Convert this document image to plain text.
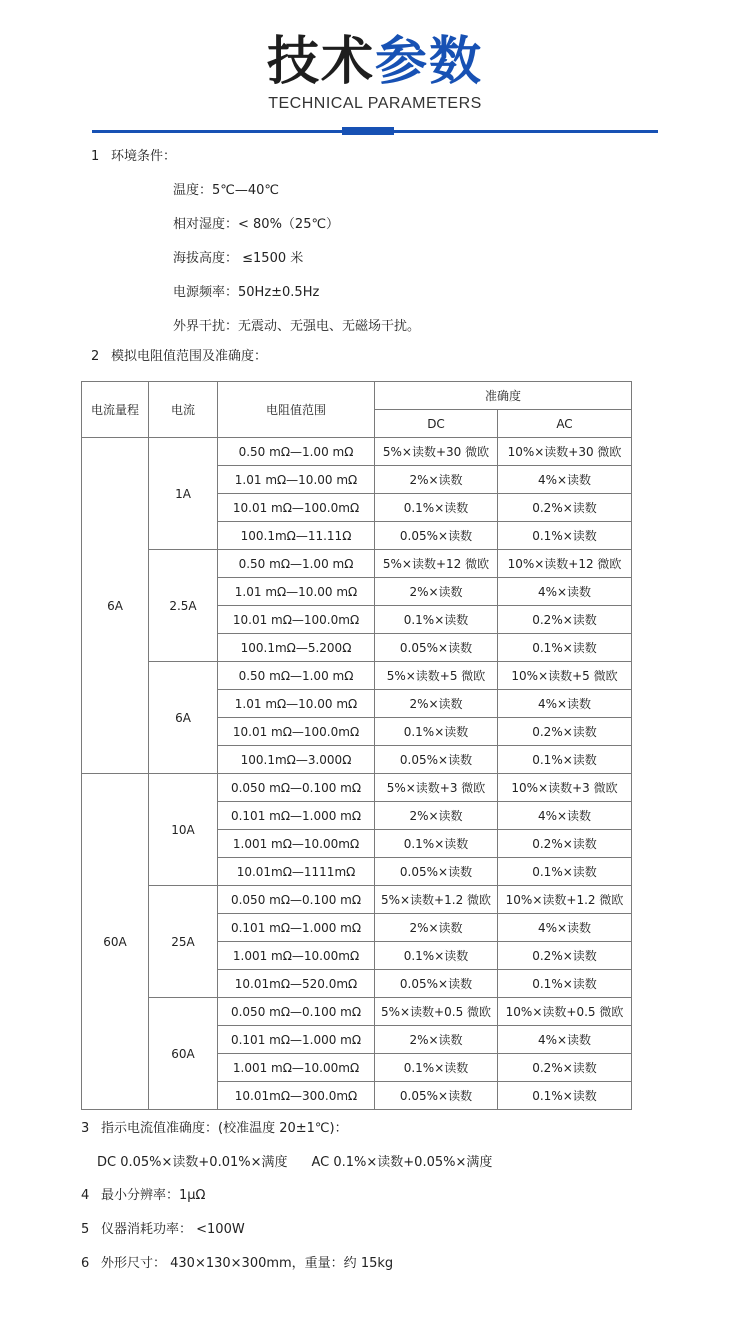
技术参数
TECHNICAL PARAMETERS
1 环境条件：
温度：5℃—40℃
相对湿度：< 80%（25℃）
海拔高度： ≤1500 米
电源频率：50Hz±0.5Hz
外界干扰：无震动、无强电、无磁场干扰。
2 模拟电阻值范围及准确度：
电流量程	电流	电阻值范围	准确度	
			DC	AC
6A	1A	0.50 mΩ—1.00 mΩ	5%×读数+30 微欧	10%×读数+30 微欧
		1.01 mΩ—10.00 mΩ	2%×读数	4%×读数
		10.01 mΩ—100.0mΩ	0.1%×读数	0.2%×读数
		100.1mΩ—11.11Ω	0.05%×读数	0.1%×读数
	2.5A	0.50 mΩ—1.00 mΩ	5%×读数+12 微欧	10%×读数+12 微欧
		1.01 mΩ—10.00 mΩ	2%×读数	4%×读数
		10.01 mΩ—100.0mΩ	0.1%×读数	0.2%×读数
		100.1mΩ—5.200Ω	0.05%×读数	0.1%×读数
	6A	0.50 mΩ—1.00 mΩ	5%×读数+5 微欧	10%×读数+5 微欧
		1.01 mΩ—10.00 mΩ	2%×读数	4%×读数
		10.01 mΩ—100.0mΩ	0.1%×读数	0.2%×读数
		100.1mΩ—3.000Ω	0.05%×读数	0.1%×读数
60A	10A	0.050 mΩ—0.100 mΩ	5%×读数+3 微欧	10%×读数+3 微欧
		0.101 mΩ—1.000 mΩ	2%×读数	4%×读数
		1.001 mΩ—10.00mΩ	0.1%×读数	0.2%×读数
		10.01mΩ—1111mΩ	0.05%×读数	0.1%×读数
	25A	0.050 mΩ—0.100 mΩ	5%×读数+1.2 微欧	10%×读数+1.2 微欧
		0.101 mΩ—1.000 mΩ	2%×读数	4%×读数
		1.001 mΩ—10.00mΩ	0.1%×读数	0.2%×读数
		10.01mΩ—520.0mΩ	0.05%×读数	0.1%×读数
	60A	0.050 mΩ—0.100 mΩ	5%×读数+0.5 微欧	10%×读数+0.5 微欧
		0.101 mΩ—1.000 mΩ	2%×读数	4%×读数
		1.001 mΩ—10.00mΩ	0.1%×读数	0.2%×读数
		10.01mΩ—300.0mΩ	0.05%×读数	0.1%×读数
3 指示电流值准确度：(校准温度 20±1℃)：
DC 0.05%×读数+0.01%×满度 AC 0.1%×读数+0.05%×满度
4 最小分辨率：1μΩ
5 仪器消耗功率： <100W
6 外形尺寸： 430×130×300mm，重量：约 15kg
